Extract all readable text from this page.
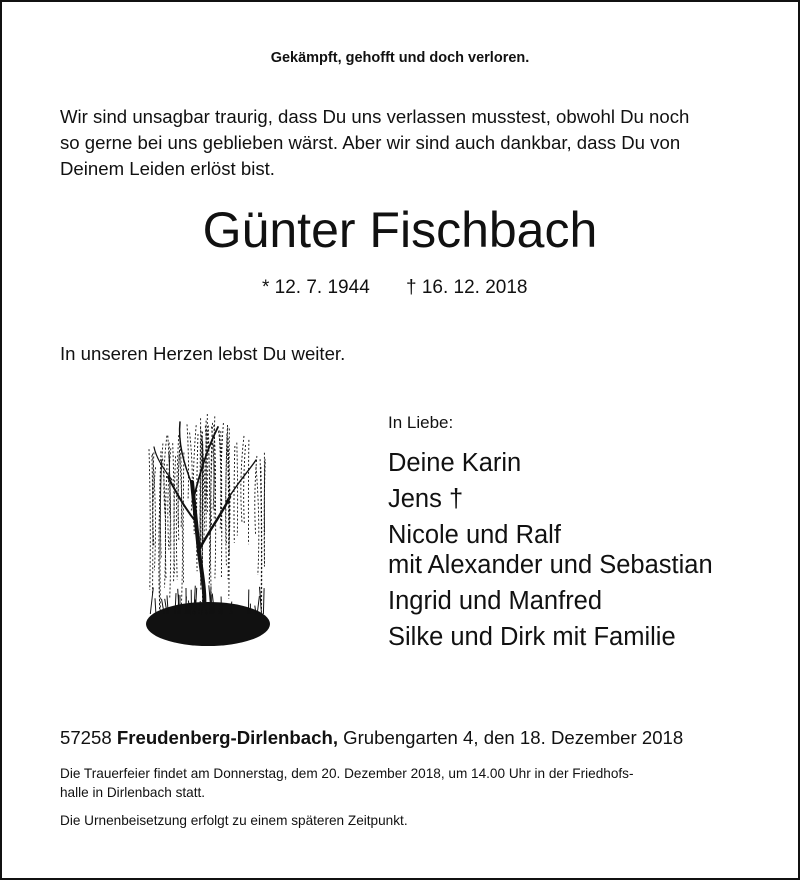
Gekämpft, gehofft und doch verloren.
Wir sind unsagbar traurig, dass Du uns verlassen musstest, obwohl Du noch
so gerne bei uns geblieben wärst. Aber wir sind auch dankbar, dass Du von
Deinem Leiden erlöst bist.
Günter Fischbach
* 12. 7. 1944 † 16. 12. 2018
In unseren Herzen lebst Du weiter.
In Liebe:
Deine Karin
Jens †
Nicole und Ralf
mit Alexander und Sebastian
Ingrid und Manfred
Silke und Dirk mit Familie
57258 Freudenberg-Dirlenbach, Grubengarten 4, den 18. Dezember 2018

Die Trauerfeier findet am Donnerstag, dem 20. Dezember 2018, um 14.00 Uhr in der Friedhofs-
halle in Dirlenbach statt.

Die Urnenbeisetzung erfolgt zu einem späteren Zeitpunkt.
